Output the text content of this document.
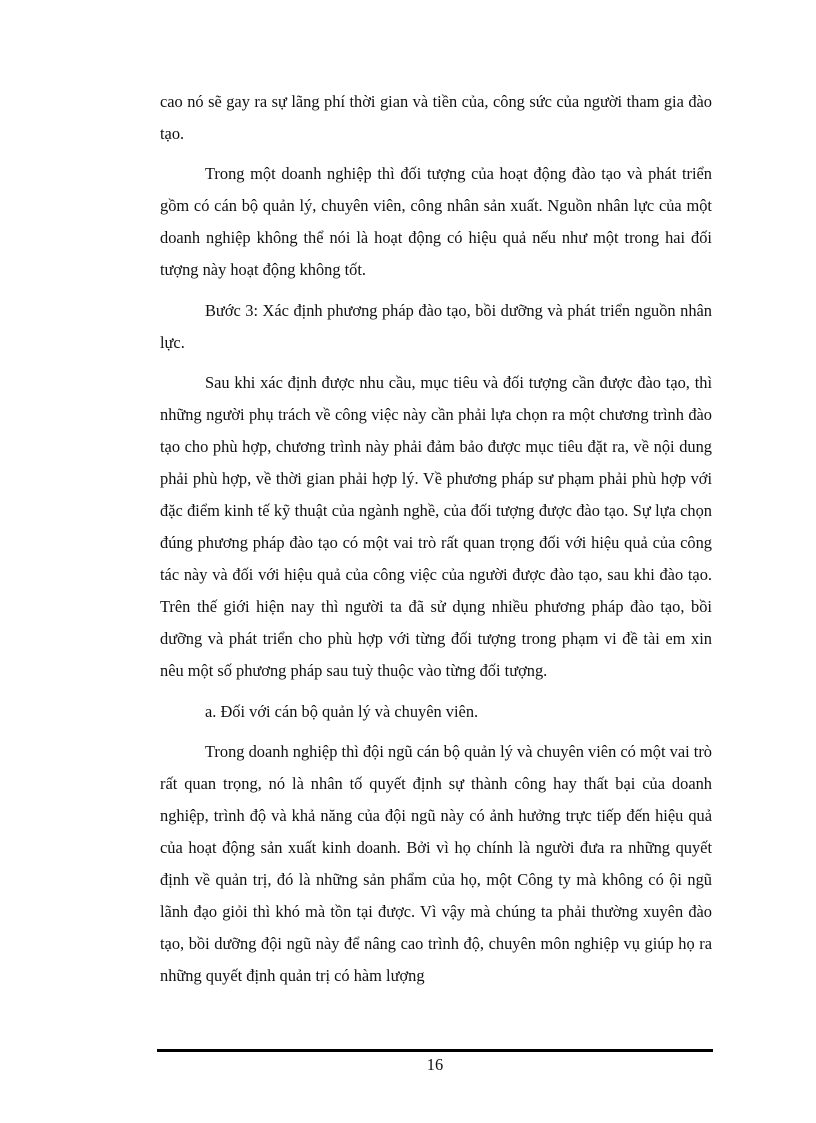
cao nó sẽ gay ra sự lãng phí thời gian và tiền của, công sức của người tham gia đào tạo.

Trong một doanh nghiệp thì đối tượng của hoạt động đào tạo và phát triển gồm có cán bộ quản lý, chuyên viên, công nhân sản xuất. Nguồn nhân lực của một doanh nghiệp không thể nói là hoạt động có hiệu quả nếu như một trong hai đối tượng này hoạt động không tốt.

Bước 3: Xác định phương pháp đào tạo, bồi dưỡng và phát triển nguồn nhân lực.

Sau khi xác định được nhu cầu, mục tiêu và đối tượng cần được đào tạo, thì những người phụ trách về công việc này cần phải lựa chọn ra một chương trình đào tạo cho phù hợp, chương trình này phải đảm bảo được mục tiêu đặt ra, về nội dung phải phù hợp, về thời gian phải hợp lý. Về phương pháp sư phạm phải phù hợp với đặc điểm kinh tế kỹ thuật của ngành nghề, của đối tượng được đào tạo. Sự lựa chọn đúng phương pháp đào tạo có một vai trò rất quan trọng đối với hiệu quả của công tác này và đối với hiệu quả của công việc của người được đào tạo, sau khi đào tạo. Trên thế giới hiện nay thì người ta đã sử dụng nhiều phương pháp đào tạo, bồi dưỡng và phát triển cho phù hợp với từng đối tượng trong phạm vi đề tài em xin nêu một số phương pháp sau tuỳ thuộc vào từng đối tượng.

a. Đối với cán bộ quản lý và chuyên viên.

Trong doanh nghiệp thì đội ngũ cán bộ quản lý và chuyên viên có một vai trò rất quan trọng, nó là nhân tố quyết định sự thành công hay thất bại của doanh nghiệp, trình độ và khả năng của đội ngũ này có ảnh hưởng trực tiếp đến hiệu quả của hoạt động sản xuất kinh doanh. Bởi vì họ chính là người đưa ra những quyết định về quản trị, đó là những sản phẩm của họ, một Công ty mà không có ội ngũ lãnh đạo giỏi thì khó mà tồn tại được. Vì vậy mà chúng ta phải thường xuyên đào tạo, bồi dưỡng đội ngũ này để nâng cao trình độ, chuyên môn nghiệp vụ giúp họ ra những quyết định quản trị có hàm lượng

16
